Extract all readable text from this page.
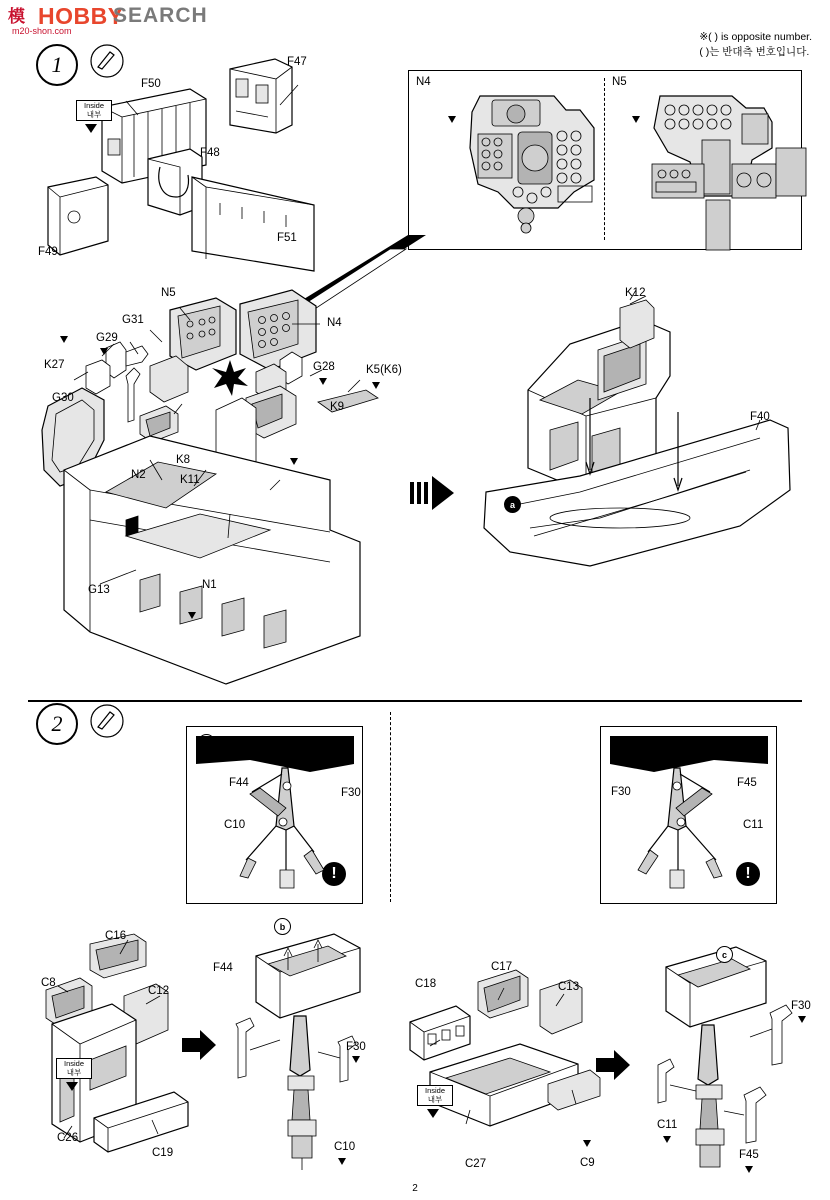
模 HOBBY
SEARCH
m20-shon.com	※( ) is opposite number.
( )는 반대측 번호입니다.
1
Inside
내부
F47
F50
F48
F51
F49
N4	N5
N5
N4
G31
G29
K27	G28	K5(K6)
G30
K9
K8
N2	K11
G13	N1
K12
F40
a
2
!	!
F44
F30
C10
F30
F45
C11
Inside
내부
C16
C8
C12
C26
C19
b
F44
F30
C10
Inside
내부
C18
C17
C13
C27	C9
c
F30
C11
F45
2
